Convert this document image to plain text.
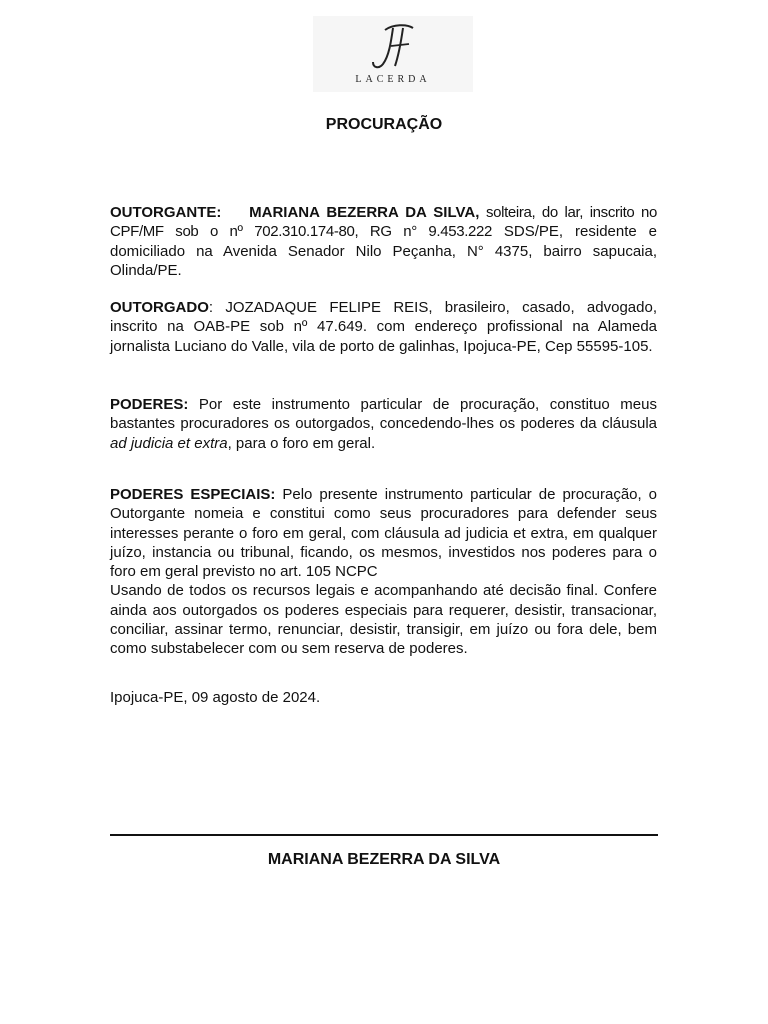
LACERDA
PROCURAÇÃO

OUTORGANTE: MARIANA BEZERRA DA SILVA, solteira, do lar, inscrito no CPF/MF sob o nº 702.310.174-80, RG n° 9.453.222 SDS/PE, residente e domiciliado na Avenida Senador Nilo Peçanha, N° 4375, bairro sapucaia, Olinda/PE.

OUTORGADO: JOZADAQUE FELIPE REIS, brasileiro, casado, advogado, inscrito na OAB-PE sob nº 47.649. com endereço profissional na Alameda jornalista Luciano do Valle, vila de porto de galinhas, Ipojuca-PE, Cep 55595-105.

PODERES: Por este instrumento particular de procuração, constituo meus bastantes procuradores os outorgados, concedendo-lhes os poderes da cláusula ad judicia et extra, para o foro em geral.

PODERES ESPECIAIS: Pelo presente instrumento particular de procuração, o Outorgante nomeia e constitui como seus procuradores para defender seus interesses perante o foro em geral, com cláusula ad judicia et extra, em qualquer juízo, instancia ou tribunal, ficando, os mesmos, investidos nos poderes para o foro em geral previsto no art. 105 NCPC
Usando de todos os recursos legais e acompanhando até decisão final. Confere ainda aos outorgados os poderes especiais para requerer, desistir, transacionar, conciliar, assinar termo, renunciar, desistir, transigir, em juízo ou fora dele, bem como substabelecer com ou sem reserva de poderes.
Ipojuca-PE, 09 agosto de 2024.
MARIANA BEZERRA DA SILVA
